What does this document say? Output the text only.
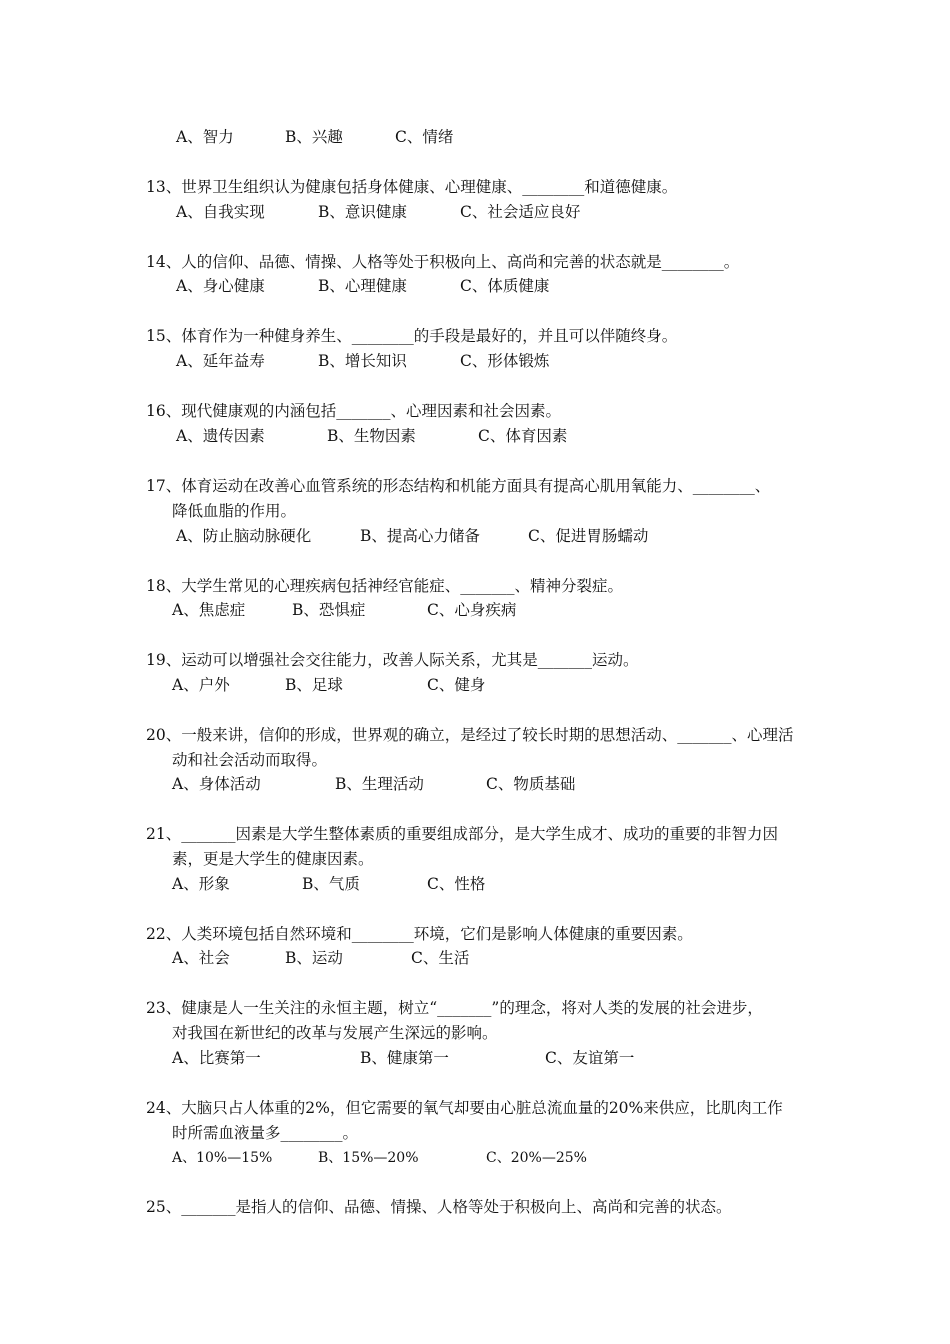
A、智力	B、兴趣	C、情绪
13、世界卫生组织认为健康包括身体健康、心理健康、________和道德健康。
A、自我实现	B、意识健康	C、社会适应良好
14、人的信仰、品德、情操、人格等处于积极向上、高尚和完善的状态就是________。
A、身心健康	B、心理健康	C、体质健康
15、体育作为一种健身养生、________的手段是最好的，并且可以伴随终身。
A、延年益寿	B、增长知识	C、形体锻炼
16、现代健康观的内涵包括_______、心理因素和社会因素。
A、遗传因素	B、生物因素	C、体育因素
17、体育运动在改善心血管系统的形态结构和机能方面具有提高心肌用氧能力、________、
降低血脂的作用。
A、防止脑动脉硬化	B、提高心力储备	C、促进胃肠蠕动
18、大学生常见的心理疾病包括神经官能症、_______、精神分裂症。
A、焦虑症	B、恐惧症	C、心身疾病
19、运动可以增强社会交往能力，改善人际关系，尤其是_______运动。
A、户外	B、足球	C、健身
20、一般来讲，信仰的形成，世界观的确立，是经过了较长时期的思想活动、_______、心理活
动和社会活动而取得。
A、身体活动	B、生理活动	C、物质基础
21、_______因素是大学生整体素质的重要组成部分，是大学生成才、成功的重要的非智力因
素，更是大学生的健康因素。
A、形象	B、气质	C、性格
22、人类环境包括自然环境和________环境，它们是影响人体健康的重要因素。
A、社会	B、运动	C、生活
23、健康是人一生关注的永恒主题，树立“_______”的理念，将对人类的发展的社会进步，
对我国在新世纪的改革与发展产生深远的影响。
A、比赛第一	B、健康第一	C、友谊第一
24、大脑只占人体重的2%，但它需要的氧气却要由心脏总流血量的20%来供应，比肌肉工作
时所需血液量多________。
A、10%—15%	B、15%—20%	C、20%—25%
25、_______是指人的信仰、品德、情操、人格等处于积极向上、高尚和完善的状态。
